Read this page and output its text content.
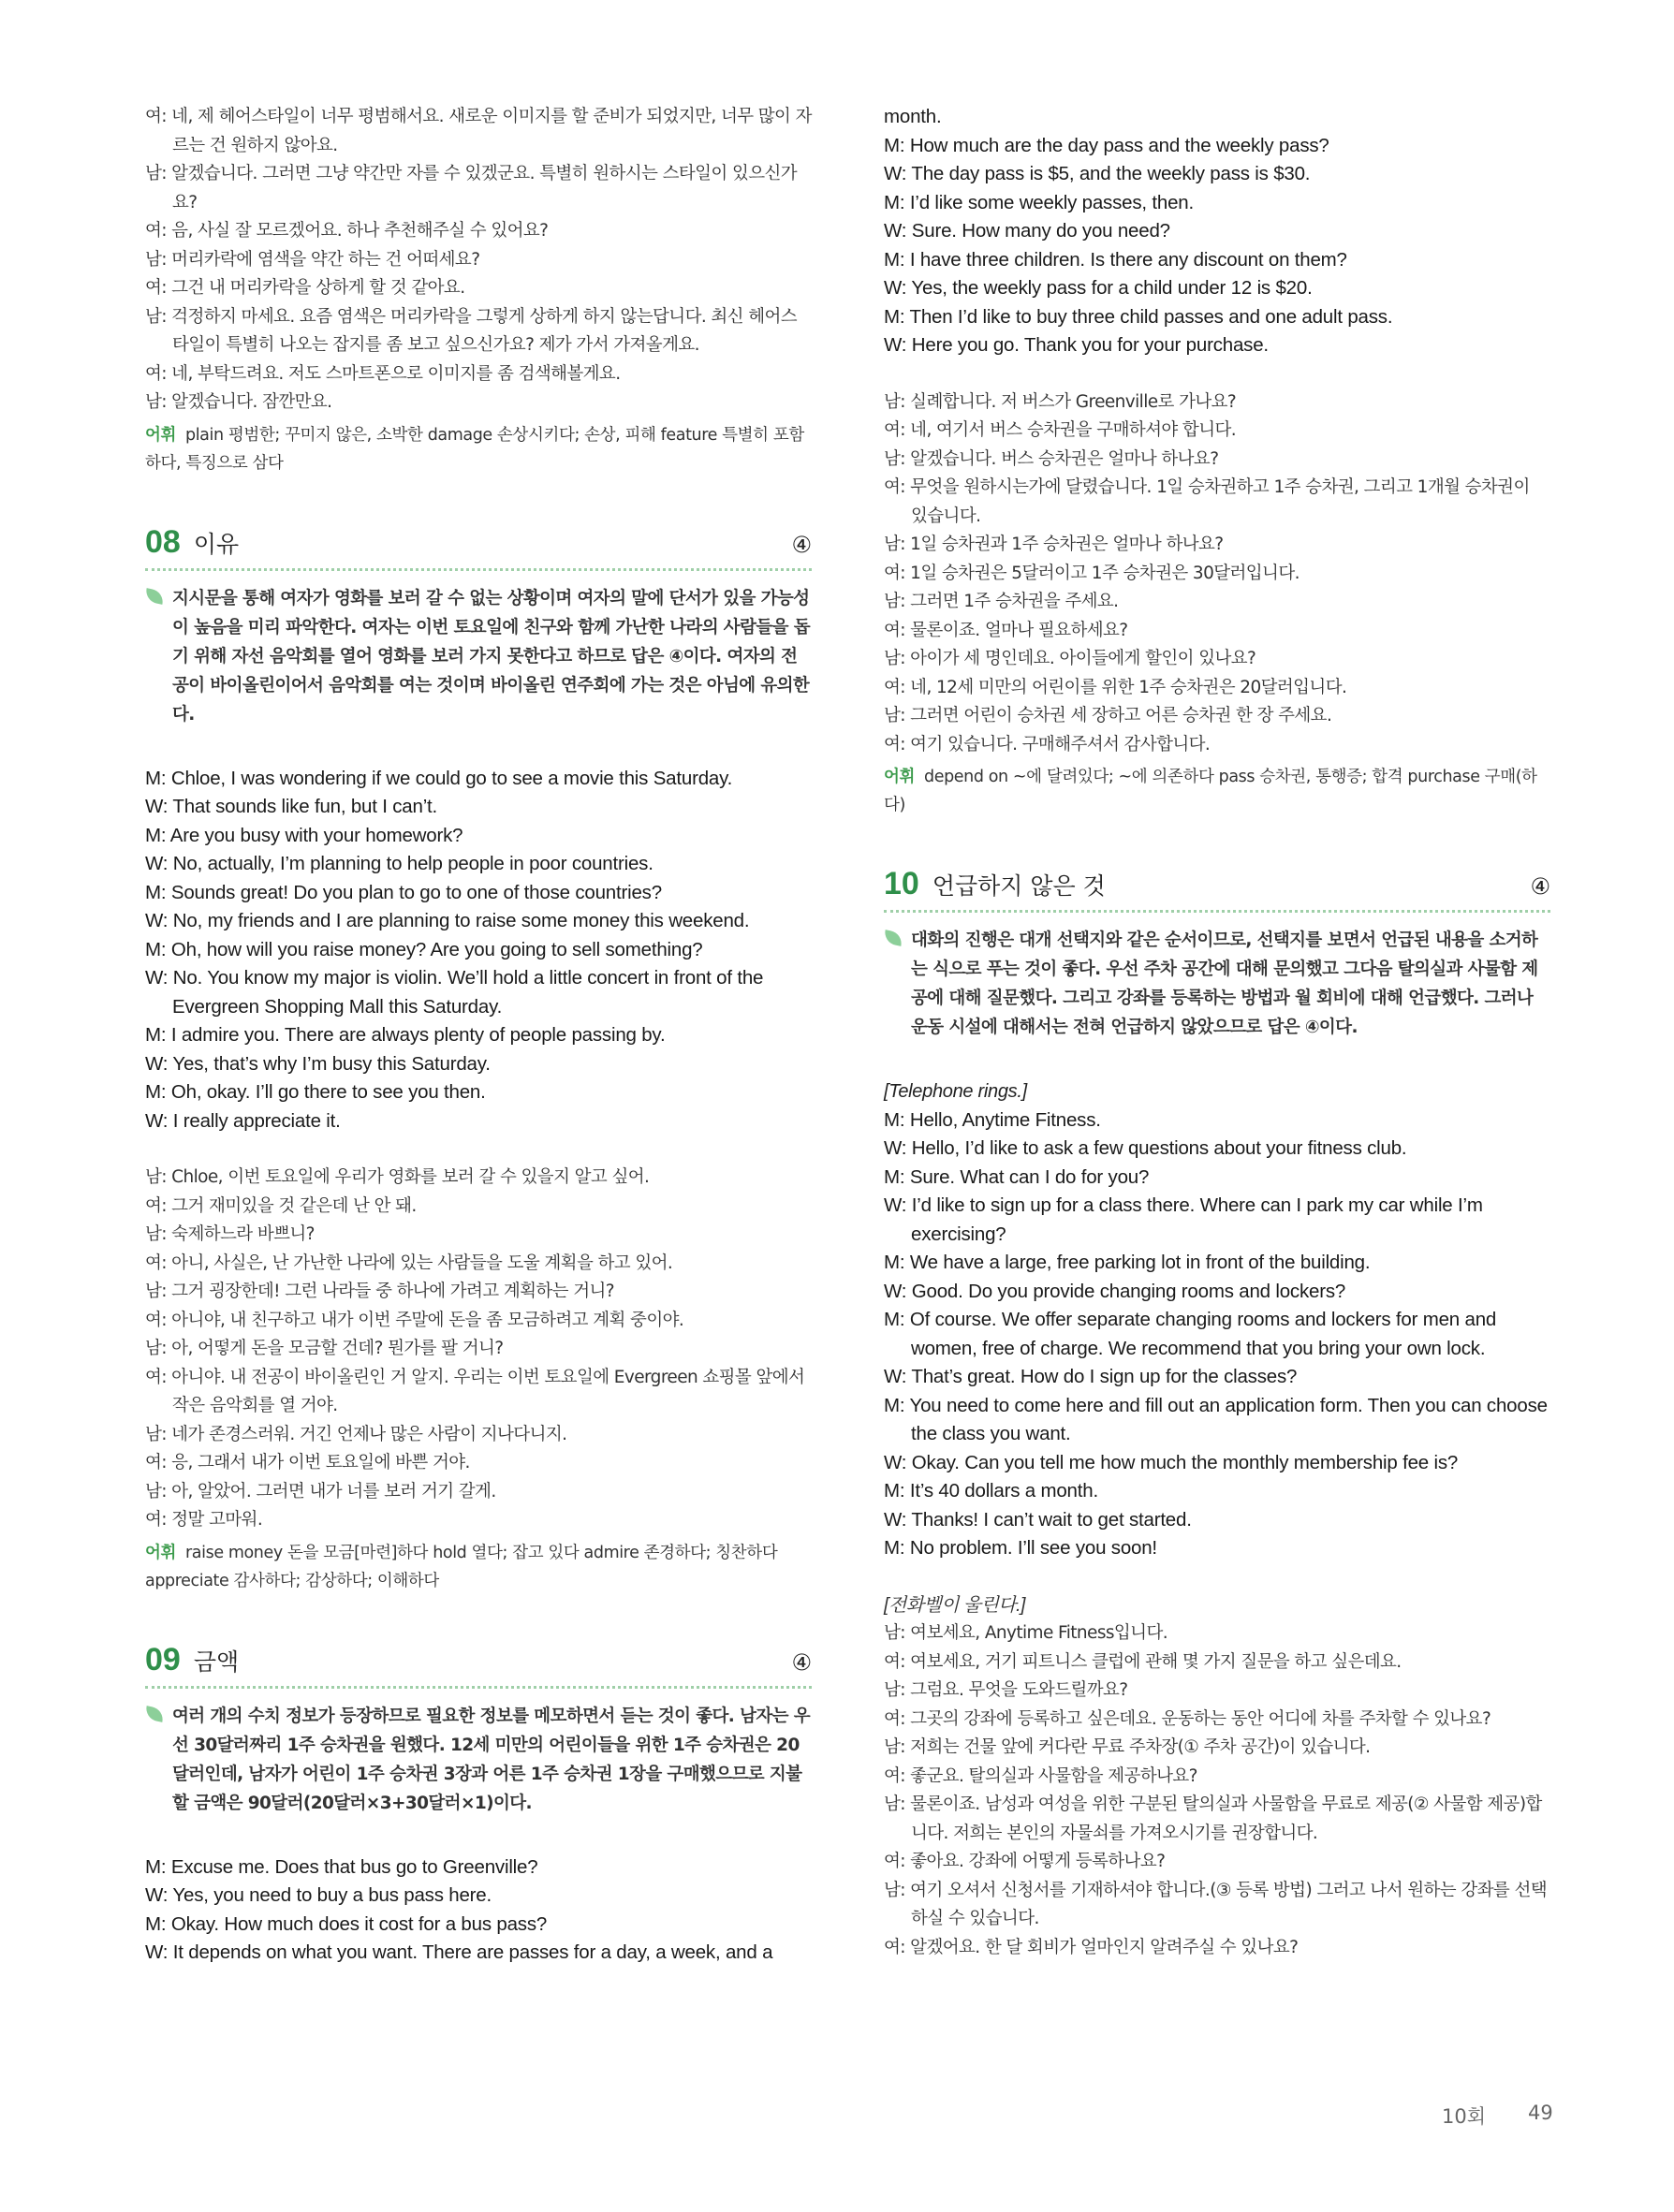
여: 네, 제 헤어스타일이 너무 평범해서요. 새로운 이미지를 할 준비가 되었지만, 너무 많이 자르는 건 원하지 않아요.
남: 알겠습니다. 그러면 그냥 약간만 자를 수 있겠군요. 특별히 원하시는 스타일이 있으신가요?
여: 음, 사실 잘 모르겠어요. 하나 추천해주실 수 있어요?
남: 머리카락에 염색을 약간 하는 건 어떠세요?
여: 그건 내 머리카락을 상하게 할 것 같아요.
남: 걱정하지 마세요. 요즘 염색은 머리카락을 그렇게 상하게 하지 않는답니다. 최신 헤어스타일이 특별히 나오는 잡지를 좀 보고 싶으신가요? 제가 가서 가져올게요.
여: 네, 부탁드려요. 저도 스마트폰으로 이미지를 좀 검색해볼게요.
남: 알겠습니다. 잠깐만요.
어휘 plain 평범한; 꾸미지 않은, 소박한 damage 손상시키다; 손상, 피해 feature 특별히 포함하다, 특징으로 삼다
08 이유	④
지시문을 통해 여자가 영화를 보러 갈 수 없는 상황이며 여자의 말에 단서가 있을 가능성이 높음을 미리 파악한다. 여자는 이번 토요일에 친구와 함께 가난한 나라의 사람들을 돕기 위해 자선 음악회를 열어 영화를 보러 가지 못한다고 하므로 답은 ④이다. 여자의 전공이 바이올린이어서 음악회를 여는 것이며 바이올린 연주회에 가는 것은 아님에 유의한다.
M: Chloe, I was wondering if we could go to see a movie this Saturday.
W: That sounds like fun, but I can’t.
M: Are you busy with your homework?
W: No, actually, I’m planning to help people in poor countries.
M: Sounds great! Do you plan to go to one of those countries?
W: No, my friends and I are planning to raise some money this weekend.
M: Oh, how will you raise money? Are you going to sell something?
W: No. You know my major is violin. We’ll hold a little concert in front of the Evergreen Shopping Mall this Saturday.
M: I admire you. There are always plenty of people passing by.
W: Yes, that’s why I’m busy this Saturday.
M: Oh, okay. I’ll go there to see you then.
W: I really appreciate it.
남: Chloe, 이번 토요일에 우리가 영화를 보러 갈 수 있을지 알고 싶어.
여: 그거 재미있을 것 같은데 난 안 돼.
남: 숙제하느라 바쁘니?
여: 아니, 사실은, 난 가난한 나라에 있는 사람들을 도울 계획을 하고 있어.
남: 그거 굉장한데! 그런 나라들 중 하나에 가려고 계획하는 거니?
여: 아니야, 내 친구하고 내가 이번 주말에 돈을 좀 모금하려고 계획 중이야.
남: 아, 어떻게 돈을 모금할 건데? 뭔가를 팔 거니?
여: 아니야. 내 전공이 바이올린인 거 알지. 우리는 이번 토요일에 Evergreen 쇼핑몰 앞에서 작은 음악회를 열 거야.
남: 네가 존경스러워. 거긴 언제나 많은 사람이 지나다니지.
여: 응, 그래서 내가 이번 토요일에 바쁜 거야.
남: 아, 알았어. 그러면 내가 너를 보러 거기 갈게.
여: 정말 고마워.
어휘 raise money 돈을 모금[마련]하다 hold 열다; 잡고 있다 admire 존경하다; 칭찬하다 appreciate 감사하다; 감상하다; 이해하다
09 금액	④
여러 개의 수치 정보가 등장하므로 필요한 정보를 메모하면서 듣는 것이 좋다. 남자는 우선 30달러짜리 1주 승차권을 원했다. 12세 미만의 어린이들을 위한 1주 승차권은 20달러인데, 남자가 어린이 1주 승차권 3장과 어른 1주 승차권 1장을 구매했으므로 지불할 금액은 90달러(20달러×3+30달러×1)이다.
M: Excuse me. Does that bus go to Greenville?
W: Yes, you need to buy a bus pass here.
M: Okay. How much does it cost for a bus pass?
W: It depends on what you want. There are passes for a day, a week, and a
month.
M: How much are the day pass and the weekly pass?
W: The day pass is $5, and the weekly pass is $30.
M: I’d like some weekly passes, then.
W: Sure. How many do you need?
M: I have three children. Is there any discount on them?
W: Yes, the weekly pass for a child under 12 is $20.
M: Then I’d like to buy three child passes and one adult pass.
W: Here you go. Thank you for your purchase.
남: 실례합니다. 저 버스가 Greenville로 가나요?
여: 네, 여기서 버스 승차권을 구매하셔야 합니다.
남: 알겠습니다. 버스 승차권은 얼마나 하나요?
여: 무엇을 원하시는가에 달렸습니다. 1일 승차권하고 1주 승차권, 그리고 1개월 승차권이 있습니다.
남: 1일 승차권과 1주 승차권은 얼마나 하나요?
여: 1일 승차권은 5달러이고 1주 승차권은 30달러입니다.
남: 그러면 1주 승차권을 주세요.
여: 물론이죠. 얼마나 필요하세요?
남: 아이가 세 명인데요. 아이들에게 할인이 있나요?
여: 네, 12세 미만의 어린이를 위한 1주 승차권은 20달러입니다.
남: 그러면 어린이 승차권 세 장하고 어른 승차권 한 장 주세요.
여: 여기 있습니다. 구매해주셔서 감사합니다.
어휘 depend on ~에 달려있다; ~에 의존하다 pass 승차권, 통행증; 합격 purchase 구매(하다)
10 언급하지 않은 것	④
대화의 진행은 대개 선택지와 같은 순서이므로, 선택지를 보면서 언급된 내용을 소거하는 식으로 푸는 것이 좋다. 우선 주차 공간에 대해 문의했고 그다음 탈의실과 사물함 제공에 대해 질문했다. 그리고 강좌를 등록하는 방법과 월 회비에 대해 언급했다. 그러나 운동 시설에 대해서는 전혀 언급하지 않았으므로 답은 ④이다.
[Telephone rings.]
M: Hello, Anytime Fitness.
W: Hello, I’d like to ask a few questions about your fitness club.
M: Sure. What can I do for you?
W: I’d like to sign up for a class there. Where can I park my car while I’m exercising?
M: We have a large, free parking lot in front of the building.
W: Good. Do you provide changing rooms and lockers?
M: Of course. We offer separate changing rooms and lockers for men and women, free of charge. We recommend that you bring your own lock.
W: That’s great. How do I sign up for the classes?
M: You need to come here and fill out an application form. Then you can choose the class you want.
W: Okay. Can you tell me how much the monthly membership fee is?
M: It’s 40 dollars a month.
W: Thanks! I can’t wait to get started.
M: No problem. I’ll see you soon!
[전화벨이 울린다.]
남: 여보세요, Anytime Fitness입니다.
여: 여보세요, 거기 피트니스 클럽에 관해 몇 가지 질문을 하고 싶은데요.
남: 그럼요. 무엇을 도와드릴까요?
여: 그곳의 강좌에 등록하고 싶은데요. 운동하는 동안 어디에 차를 주차할 수 있나요?
남: 저희는 건물 앞에 커다란 무료 주차장(① 주차 공간)이 있습니다.
여: 좋군요. 탈의실과 사물함을 제공하나요?
남: 물론이죠. 남성과 여성을 위한 구분된 탈의실과 사물함을 무료로 제공(② 사물함 제공)합니다. 저희는 본인의 자물쇠를 가져오시기를 권장합니다.
여: 좋아요. 강좌에 어떻게 등록하나요?
남: 여기 오셔서 신청서를 기재하셔야 합니다.(③ 등록 방법) 그러고 나서 원하는 강좌를 선택하실 수 있습니다.
여: 알겠어요. 한 달 회비가 얼마인지 알려주실 수 있나요?
10회 49
